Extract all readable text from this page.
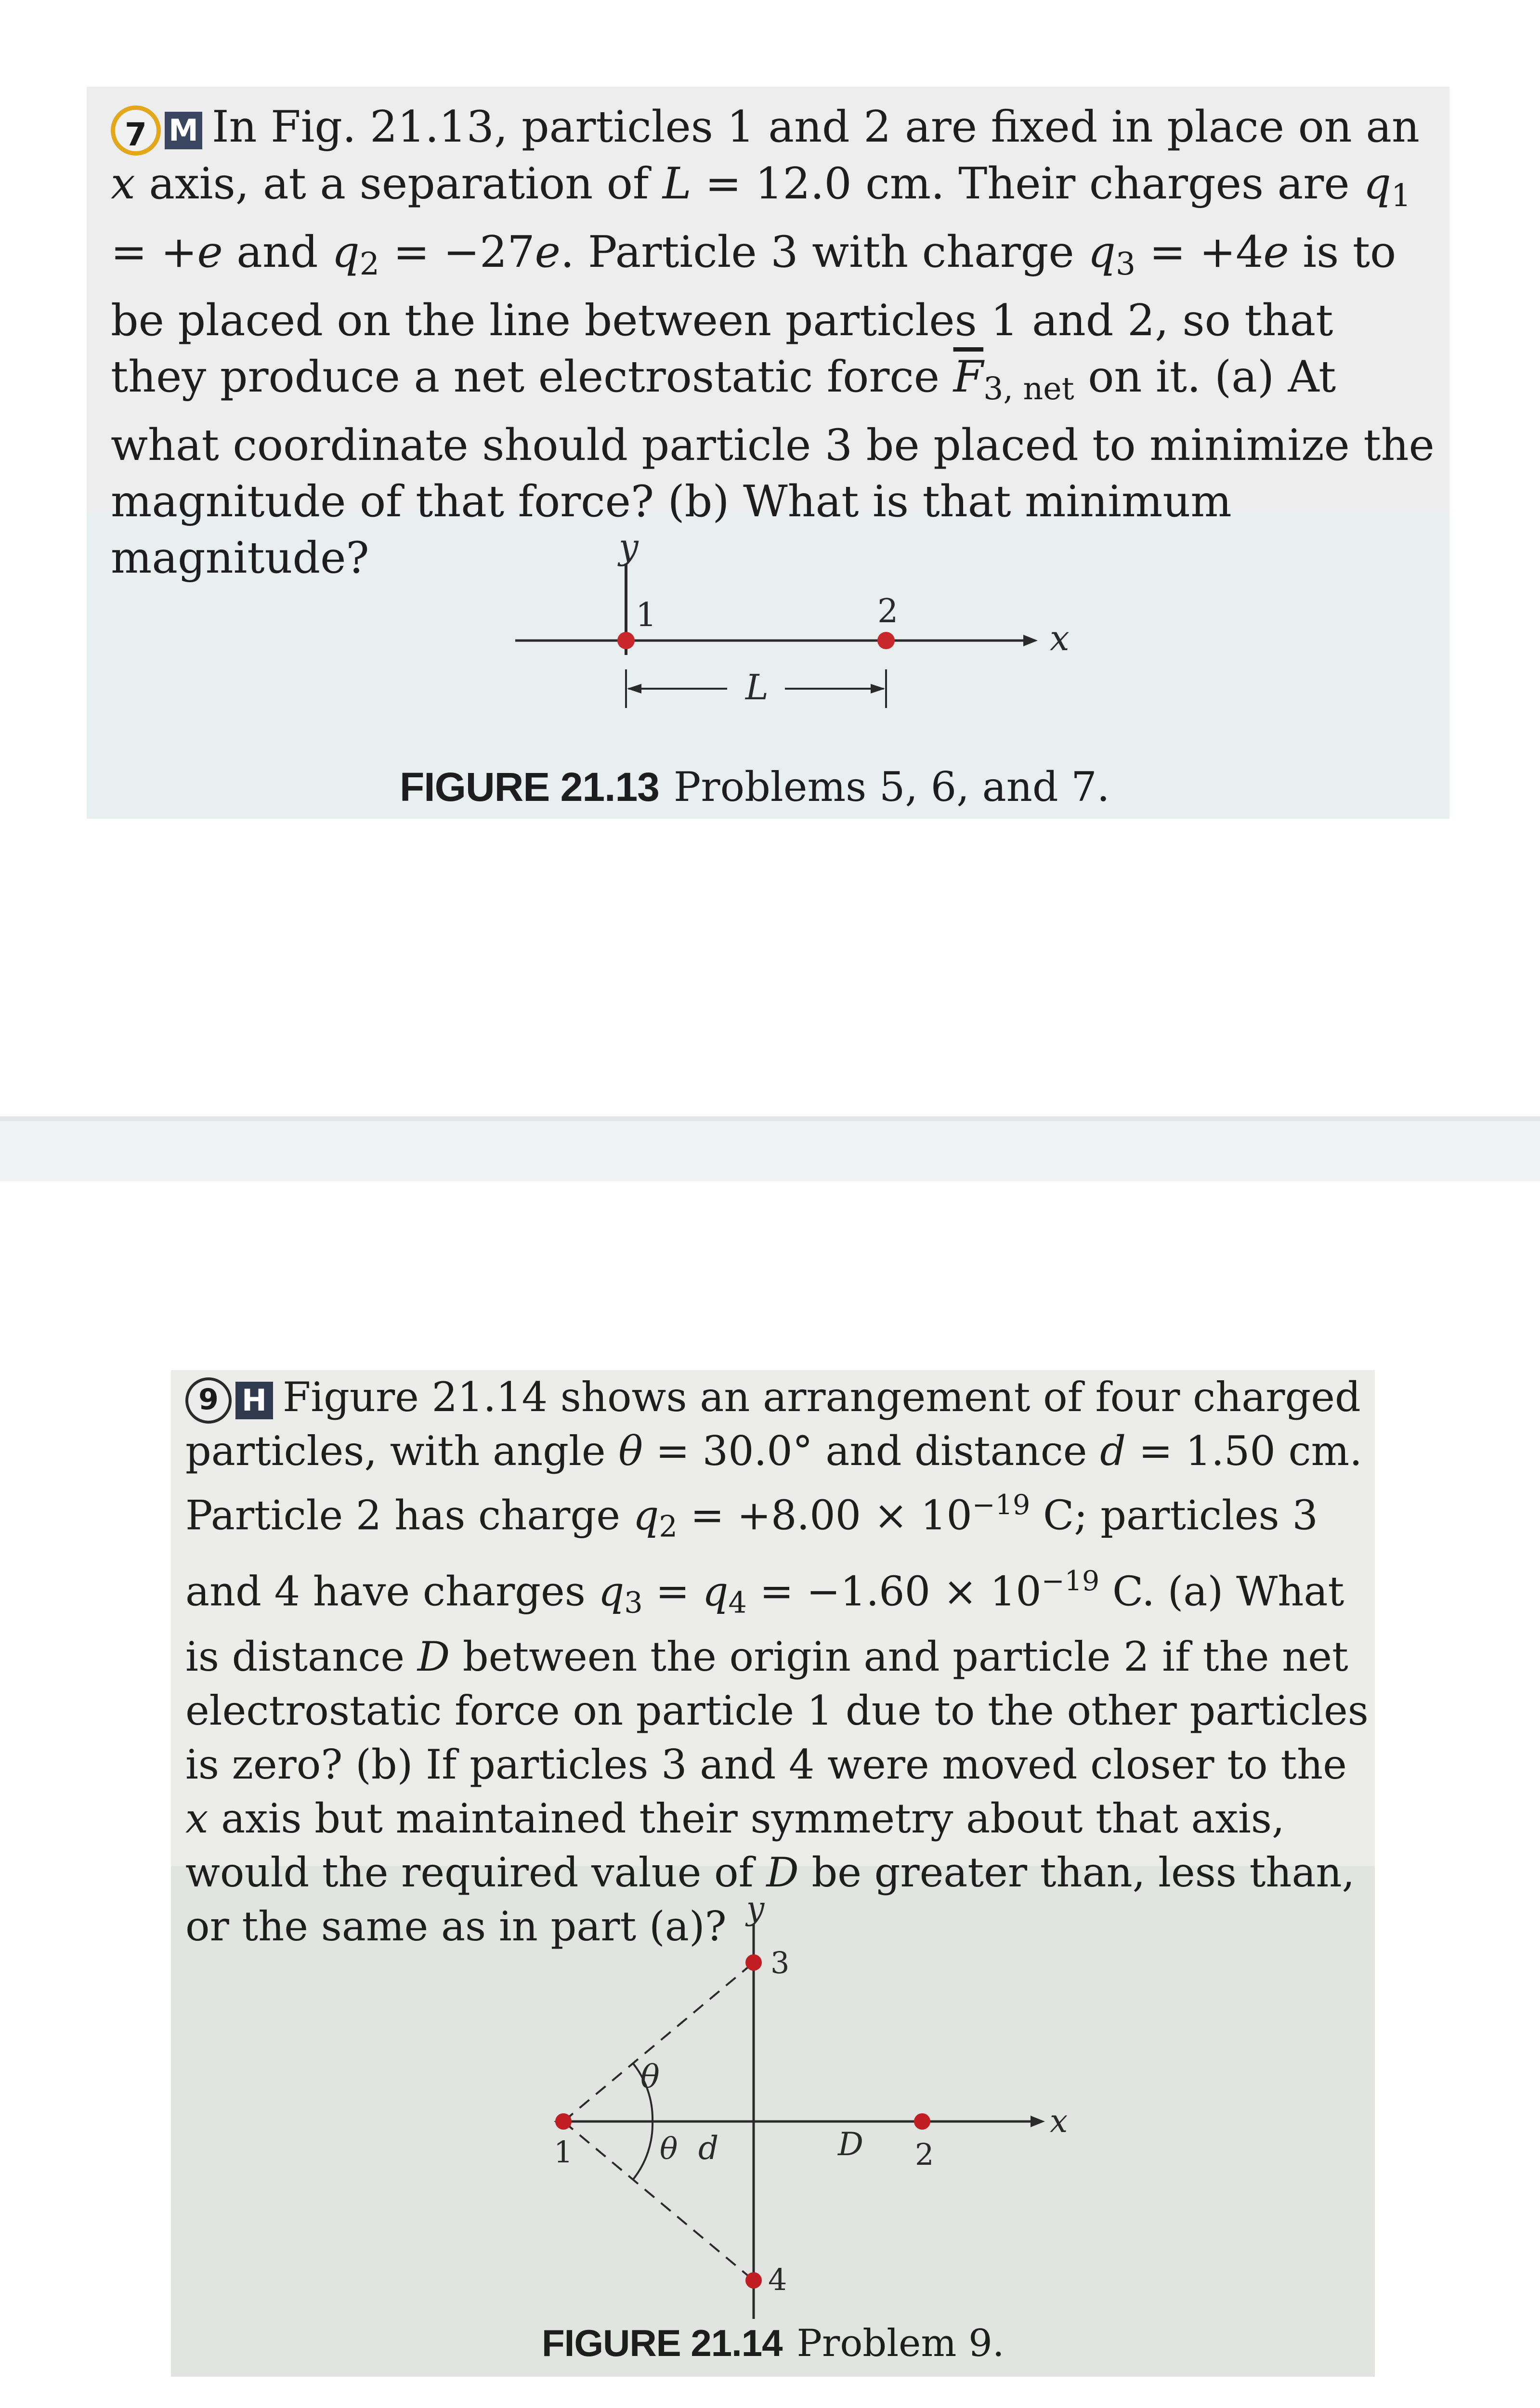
7 M In Fig. 21.13, particles 1 and 2 are fixed in place on an x axis, at a separation of L = 12.0 cm. Their charges are $q_1 = +e$ and $q_2 = -27e$. Particle 3 with charge $q_3 = +4e$ is to be placed on the line between particles 1 and 2, so that they produce a net electrostatic force $\overline{F}_{3, net}$ on it. (a) At what coordinate should particle 3 be placed to minimize the magnitude of that force? (b) What is that minimum magnitude?	y
x
1	2
L
FIGURE 21.13 Problems 5, 6, and 7.
9 H Figure 21.14 shows an arrangement of four charged particles, with angle θ = 30.0° and distance d = 1.50 cm. Particle 2 has charge $q_2 = +8.00 \times 10^{-19}$ C; particles 3 and 4 have charges $q_3 = q_4 = -1.60 \times 10^{-19}$ C. (a) What is distance D between the origin and particle 2 if the net electrostatic force on particle 1 due to the other particles is zero? (b) If particles 3 and 4 were moved closer to the x axis but maintained their symmetry about that axis, would the required value of D be greater than, less than, or the same as in part (a)? y
x
θ
θ d	D
1	2
3
4
FIGURE 21.14 Problem 9.
